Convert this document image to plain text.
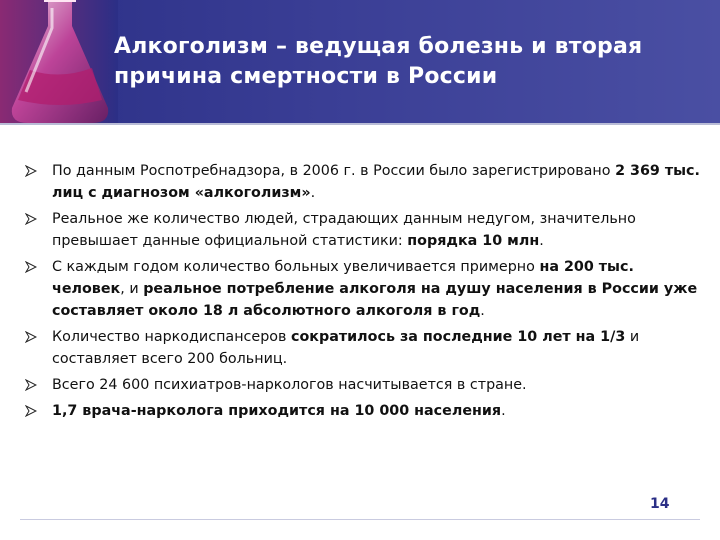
Алкоголизм – ведущая болезнь и вторая причина смертности в России
По данным Роспотребнадзора, в 2006 г. в России было зарегистрировано 2 369 тыс. лиц с диагнозом «алкоголизм».
Реальное же количество людей, страдающих данным недугом, значительно превышает данные официальной статистики: порядка 10 млн.
С каждым годом количество больных увеличивается примерно на 200 тыс. человек, и реальное потребление алкоголя на душу населения в России уже составляет около 18 л абсолютного алкоголя в год.
Количество наркодиспансеров сократилось за последние 10 лет на 1/3 и составляет всего 200 больниц.
Всего 24 600 психиатров-наркологов насчитывается в стране.
1,7 врача-нарколога приходится на 10 000 населения.
14
